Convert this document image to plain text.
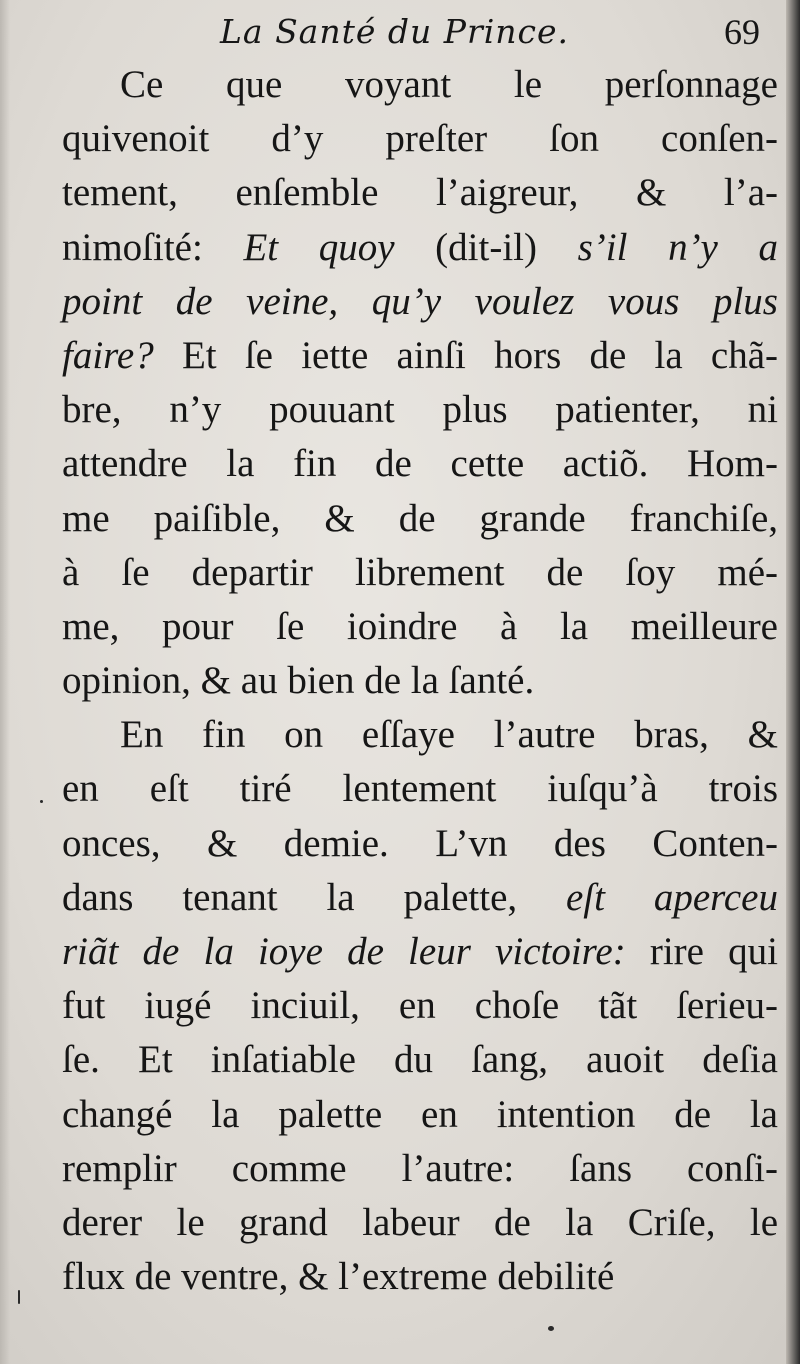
La Santé du Prince.	69
Ce que voyant le perſonnage
quivenoit d’y preſter ſon conſen-
tement, enſemble l’aigreur, & l’a-
nimoſité: Et quoy (dit-il) s’il n’y a
point de veine, qu’y voulez vous plus
faire? Et ſe iette ainſi hors de la chã-
bre, n’y pouuant plus patienter, ni
attendre la fin de cette actiõ. Hom-
me paiſible, & de grande franchiſe,
à ſe departir librement de ſoy mé-
me, pour ſe ioindre à la meilleure
opinion, & au bien de la ſanté.
En fin on eſſaye l’autre bras, &
en eſt tiré lentement iuſqu’à trois
onces, & demie. L’vn des Conten-
dans tenant la palette, eſt aperceu
riãt de la ioye de leur victoire: rire qui
fut iugé inciuil, en choſe tãt ſerieu-
ſe. Et inſatiable du ſang, auoit deſia
changé la palette en intention de la
remplir comme l’autre: ſans conſi-
derer le grand labeur de la Criſe, le
flux de ventre, & l’extreme debilité
